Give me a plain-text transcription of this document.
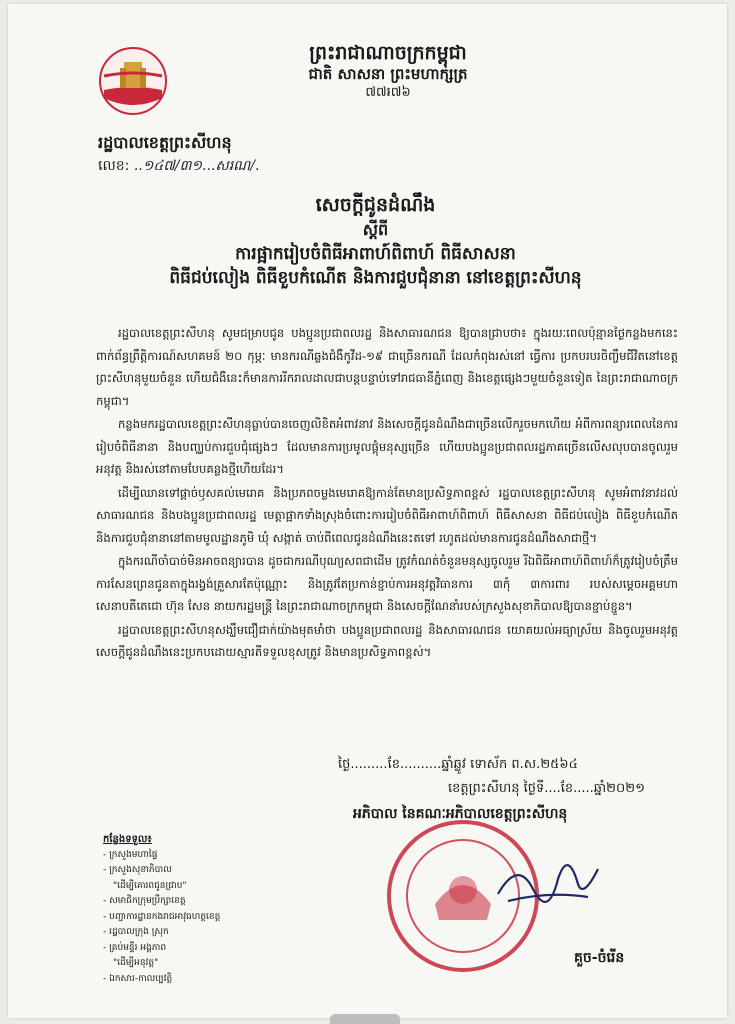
ព្រះរាជាណាចក្រកម្ពុជា
ជាតិ សាសនា ព្រះមហាក្សត្រ
៧៧៛៧៦
រដ្ឋបាលខេត្តព្រះសីហនុ
លេខ: ..១៤៧/៣១...សរណ/.
សេចក្ដីជូនដំណឹង
ស្ដីពី
ការផ្អាករៀបចំពិធីអាពាហ៍ពិពាហ៍ ពិធីសាសនា
ពិធីជប់លៀង ពិធីខួបកំណើត និងការជួបជុំនានា នៅខេត្តព្រះសីហនុ

រដ្ឋបាលខេត្តព្រះសីហនុ សូមជម្រាបជូន បងប្អូនប្រជាពលរដ្ឋ និងសាធារណជន ឱ្យបានជ្រាបថា៖ ក្នុងរយៈពេលប៉ុន្មានថ្ងៃកន្លងមកនេះ ពាក់ព័ន្ធព្រឹត្តិការណ៍សហគមន៍ ២០ កុម្ភៈ មានករណីឆ្លងជំងឺកូវីដ-១៩ ជាច្រើនករណី ដែលកំពុងរស់នៅ ធ្វើការ ប្រកបរបរចិញ្ចឹមជីវិតនៅខេត្តព្រះសីហនុមួយចំនួន ហើយជំងឺនេះក៏មានការរីករាលដាលជាបន្តបន្ទាប់ទៅរាជធានីភ្នំពេញ និងខេត្តផ្សេងៗមួយចំនួនទៀត នៃព្រះរាជាណាចក្រកម្ពុជា។

កន្លងមករដ្ឋបាលខេត្តព្រះសីហនុធ្លាប់បានចេញលិខិតអំពាវនាវ និងសេចក្តីជូនដំណឹងជាច្រើនលើករួចមកហើយ អំពីការពន្យារពេលនៃការរៀបចំពិធីនានា និងបញ្ឈប់ការជួបជុំផ្សេងៗ ដែលមានការប្រមូលផ្ដុំមនុស្សច្រើន ហើយបងប្អូនប្រជាពលរដ្ឋភាគច្រើនលើសលុបបានចូលរួមអនុវត្ត និងរស់នៅតាមបែបគន្លងថ្មីហើយដែរ។

ដើម្បីឈានទៅផ្ដាច់ឫសគល់មេរោគ និងប្រភពចម្លងមេរោគឱ្យកាន់តែមានប្រសិទ្ធភាពខ្ពស់ រដ្ឋបាលខេត្តព្រះសីហនុ សូមអំពាវនាវដល់សាធារណជន និងបងប្អូនប្រជាពលរដ្ឋ មេត្តាផ្អាកទាំងស្រុងចំពោះការរៀបចំពិធីអាពាហ៍ពិពាហ៍ ពិធីសាសនា ពិធីជប់លៀង ពិធីខួបកំណើត និងការជួបជុំនានានៅតាមមូលដ្ឋានភូមិ ឃុំ សង្កាត់ ចាប់ពីពេលជូនដំណឹងនេះតទៅ រហូតដល់មានការជូនដំណឹងសាជាថ្មី។

ក្នុងករណីចាំបាច់មិនអាចពន្យារបាន ដូចជាករណីបុណ្យសពជាដើម ត្រូវកំណត់ចំនួនមនុស្សចូលរួម រីឯពិធីអាពាហ៍ពិពាហ៍ក៏ត្រូវរៀបចំត្រឹម ការសែនព្រេនជូនតាក្នុងរង្វង់គ្រួសារតែប៉ុណ្ណោះ និងត្រូវតែប្រកាន់ខ្ជាប់ការអនុវត្តវិធានការ ៣កុំ ៣ការពារ របស់សម្ដេចអគ្គមហាសេនាបតីតេជោ ហ៊ុន សែន នាយករដ្ឋមន្ត្រី នៃព្រះរាជាណាចក្រកម្ពុជា និងសេចក្ដីណែនាំរបស់ក្រសួងសុខាភិបាលឱ្យបានខ្ជាប់ខ្ជួន។

រដ្ឋបាលខេត្តព្រះសីហនុសង្ឃឹមជឿជាក់យ៉ាងមុតមាំថា បងប្អូនប្រជាពលរដ្ឋ និងសាធារណជន យោគយល់អធ្យាស្រ័យ និងចូលរួមអនុវត្តសេចក្ដីជូនដំណឹងនេះប្រកបដោយស្មារតីទទួលខុសត្រូវ និងមានប្រសិទ្ធភាពខ្ពស់។

ថ្ងៃ.........ខែ..........ឆ្នាំឆ្លូវ ទោស័ក ព.ស.២៥៦៤
ខេត្តព្រះសីហនុ ថ្ងៃទី....ខែ.....ឆ្នាំ២០២១
អភិបាល នៃគណៈអភិបាលខេត្តព្រះសីហនុ
កន្លែងទទួល៖
- ក្រសួងមហាផ្ទៃ
- ក្រសួងសុខាភិបាល
"ដើម្បីគោរពជូនជ្រាប"
- សមាជិកក្រុមប្រឹក្សាខេត្ត
- បញ្ជាការដ្ឋានកងរាជអាវុធហត្ថខេត្ត
- រដ្ឋបាលក្រុង ស្រុក
- គ្រប់មន្ទីរ អង្គភាព
"ដើម្បីអនុវត្ត"
- ឯកសារ-កាលប្បវត្តិ
គួច-ចំរើន
